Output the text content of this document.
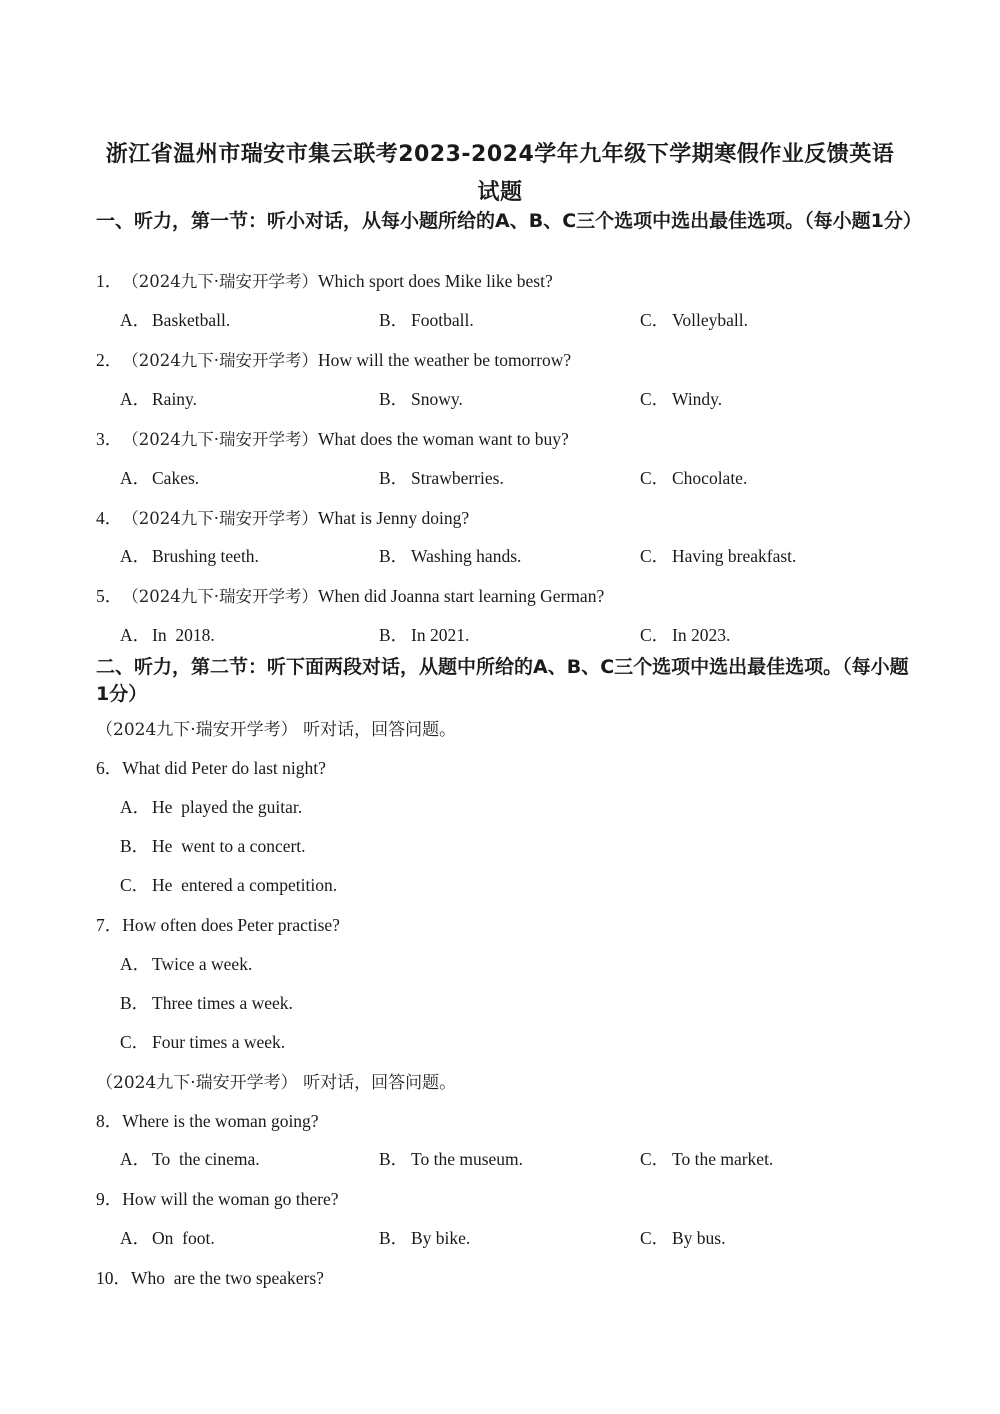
浙江省温州市瑞安市集云联考2023-2024学年九年级下学期寒假作业反馈英语
试题
一、听力，第一节：听小对话，从每小题所给的A、B、C三个选项中选出最佳选项。（每小题1分）
1．（2024九下·瑞安开学考）Which sport does Mike like best?
A． Basketball.	B． Football.	C． Volleyball.
2．（2024九下·瑞安开学考）How will the weather be tomorrow?
A． Rainy.	B． Snowy.	C． Windy.
3．（2024九下·瑞安开学考）What does the woman want to buy?
A． Cakes.	B． Strawberries.	C． Chocolate.
4．（2024九下·瑞安开学考）What is Jenny doing?
A． Brushing teeth.	B． Washing hands.	C． Having breakfast.
5．（2024九下·瑞安开学考）When did Joanna start learning German?
A． In  2018.	B． In 2021.	C． In 2023.
二、听力，第二节：听下面两段对话，从题中所给的A、B、C三个选项中选出最佳选项。（每小题1分）
（2024九下·瑞安开学考） 听对话，回答问题。
6．What did Peter do last night?
A． He  played the guitar.
B． He  went to a concert.
C． He  entered a competition.
7．How often does Peter practise?
A． Twice a week.
B． Three times a week.
C． Four times a week.
（2024九下·瑞安开学考） 听对话，回答问题。
8．Where is the woman going?
A． To  the cinema.	B． To the museum.	C． To the market.
9．How will the woman go there?
A． On  foot.	B． By bike.	C． By bus.
10．Who  are the two speakers?
